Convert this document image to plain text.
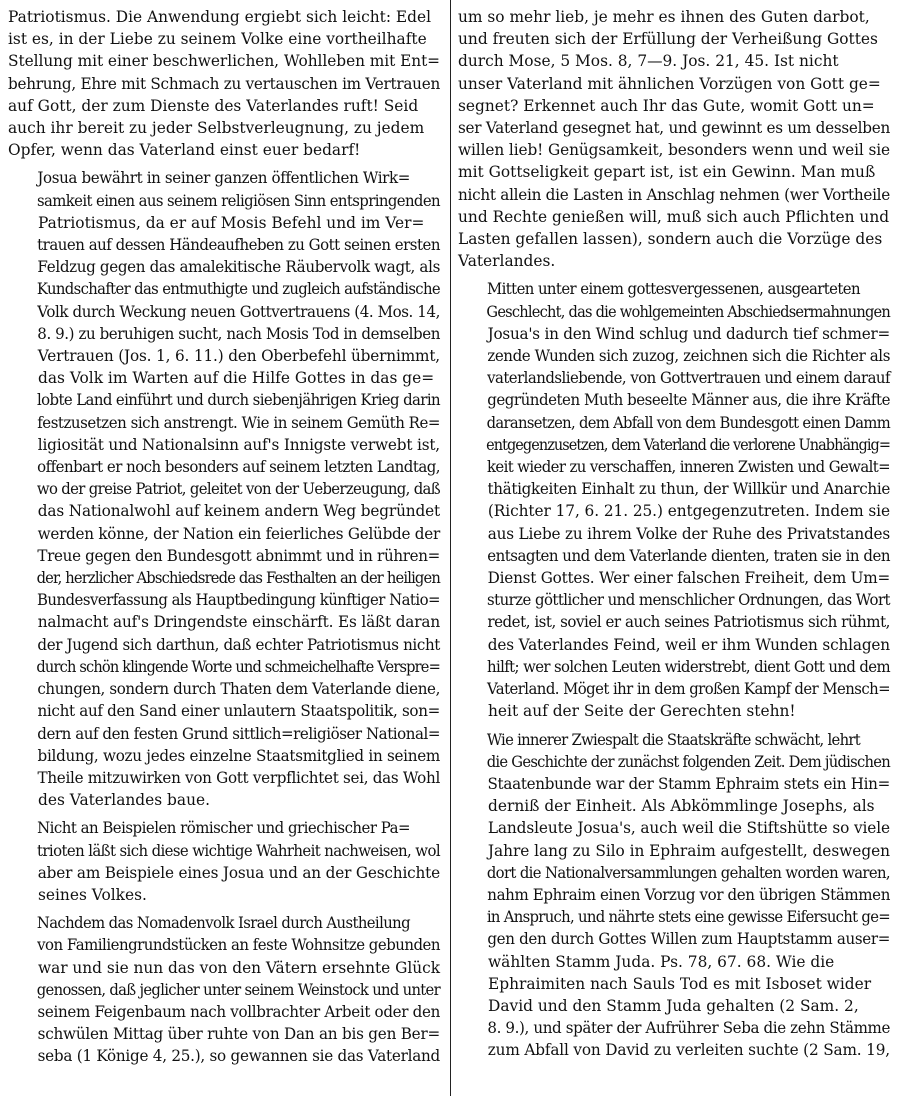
Patriotismus. Die Anwendung ergiebt sich leicht: Edel
ist es, in der Liebe zu seinem Volke eine vortheilhafte
Stellung mit einer beschwerlichen, Wohlleben mit Ent=
behrung, Ehre mit Schmach zu vertauschen im Vertrauen
auf Gott, der zum Dienste des Vaterlandes ruft! Seid
auch ihr bereit zu jeder Selbstverleugnung, zu jedem
Opfer, wenn das Vaterland einst euer bedarf!

Josua bewährt in seiner ganzen öffentlichen Wirk=
samkeit einen aus seinem religiösen Sinn entspringenden
Patriotismus, da er auf Mosis Befehl und im Ver=
trauen auf dessen Händeaufheben zu Gott seinen ersten
Feldzug gegen das amalekitische Räubervolk wagt, als
Kundschafter das entmuthigte und zugleich aufständische
Volk durch Weckung neuen Gottvertrauens (4. Mos. 14,
8. 9.) zu beruhigen sucht, nach Mosis Tod in demselben
Vertrauen (Jos. 1, 6. 11.) den Oberbefehl übernimmt,
das Volk im Warten auf die Hilfe Gottes in das ge=
lobte Land einführt und durch siebenjährigen Krieg darin
festzusetzen sich anstrengt. Wie in seinem Gemüth Re=
ligiosität und Nationalsinn auf's Innigste verwebt ist,
offenbart er noch besonders auf seinem letzten Landtag,
wo der greise Patriot, geleitet von der Ueberzeugung, daß
das Nationalwohl auf keinem andern Weg begründet
werden könne, der Nation ein feierliches Gelübde der
Treue gegen den Bundesgott abnimmt und in rühren=
der, herzlicher Abschiedsrede das Festhalten an der heiligen
Bundesverfassung als Hauptbedingung künftiger Natio=
nalmacht auf's Dringendste einschärft. Es läßt daran
der Jugend sich darthun, daß echter Patriotismus nicht
durch schön klingende Worte und schmeichelhafte Verspre=
chungen, sondern durch Thaten dem Vaterlande diene,
nicht auf den Sand einer unlautern Staatspolitik, son=
dern auf den festen Grund sittlich=religiöser National=
bildung, wozu jedes einzelne Staatsmitglied in seinem
Theile mitzuwirken von Gott verpflichtet sei, das Wohl
des Vaterlandes baue.

Nicht an Beispielen römischer und griechischer Pa=
trioten läßt sich diese wichtige Wahrheit nachweisen, wol
aber am Beispiele eines Josua und an der Geschichte
seines Volkes.

Nachdem das Nomadenvolk Israel durch Austheilung
von Familiengrundstücken an feste Wohnsitze gebunden
war und sie nun das von den Vätern ersehnte Glück
genossen, daß jeglicher unter seinem Weinstock und unter
seinem Feigenbaum nach vollbrachter Arbeit oder den
schwülen Mittag über ruhte von Dan an bis gen Ber=
seba (1 Könige 4, 25.), so gewannen sie das Vaterland

um so mehr lieb, je mehr es ihnen des Guten darbot,
und freuten sich der Erfüllung der Verheißung Gottes
durch Mose, 5 Mos. 8, 7—9. Jos. 21, 45. Ist nicht
unser Vaterland mit ähnlichen Vorzügen von Gott ge=
segnet? Erkennet auch Ihr das Gute, womit Gott un=
ser Vaterland gesegnet hat, und gewinnt es um desselben
willen lieb! Genügsamkeit, besonders wenn und weil sie
mit Gottseligkeit gepart ist, ist ein Gewinn. Man muß
nicht allein die Lasten in Anschlag nehmen (wer Vortheile
und Rechte genießen will, muß sich auch Pflichten und
Lasten gefallen lassen), sondern auch die Vorzüge des
Vaterlandes.

Mitten unter einem gottesvergessenen, ausgearteten
Geschlecht, das die wohlgemeinten Abschiedsermahnungen
Josua's in den Wind schlug und dadurch tief schmer=
zende Wunden sich zuzog, zeichnen sich die Richter als
vaterlandsliebende, von Gottvertrauen und einem darauf
gegründeten Muth beseelte Männer aus, die ihre Kräfte
daransetzen, dem Abfall von dem Bundesgott einen Damm
entgegenzusetzen, dem Vaterland die verlorene Unabhängig=
keit wieder zu verschaffen, inneren Zwisten und Gewalt=
thätigkeiten Einhalt zu thun, der Willkür und Anarchie
(Richter 17, 6. 21. 25.) entgegenzutreten. Indem sie
aus Liebe zu ihrem Volke der Ruhe des Privatstandes
entsagten und dem Vaterlande dienten, traten sie in den
Dienst Gottes. Wer einer falschen Freiheit, dem Um=
sturze göttlicher und menschlicher Ordnungen, das Wort
redet, ist, soviel er auch seines Patriotismus sich rühmt,
des Vaterlandes Feind, weil er ihm Wunden schlagen
hilft; wer solchen Leuten widerstrebt, dient Gott und dem
Vaterland. Möget ihr in dem großen Kampf der Mensch=
heit auf der Seite der Gerechten stehn!

Wie innerer Zwiespalt die Staatskräfte schwächt, lehrt
die Geschichte der zunächst folgenden Zeit. Dem jüdischen
Staatenbunde war der Stamm Ephraim stets ein Hin=
derniß der Einheit. Als Abkömmlinge Josephs, als
Landsleute Josua's, auch weil die Stiftshütte so viele
Jahre lang zu Silo in Ephraim aufgestellt, deswegen
dort die Nationalversammlungen gehalten worden waren,
nahm Ephraim einen Vorzug vor den übrigen Stämmen
in Anspruch, und nährte stets eine gewisse Eifersucht ge=
gen den durch Gottes Willen zum Hauptstamm auser=
wählten Stamm Juda. Ps. 78, 67. 68. Wie die
Ephraimiten nach Sauls Tod es mit Isboset wider
David und den Stamm Juda gehalten (2 Sam. 2,
8. 9.), und später der Aufrührer Seba die zehn Stämme
zum Abfall von David zu verleiten suchte (2 Sam. 19,
